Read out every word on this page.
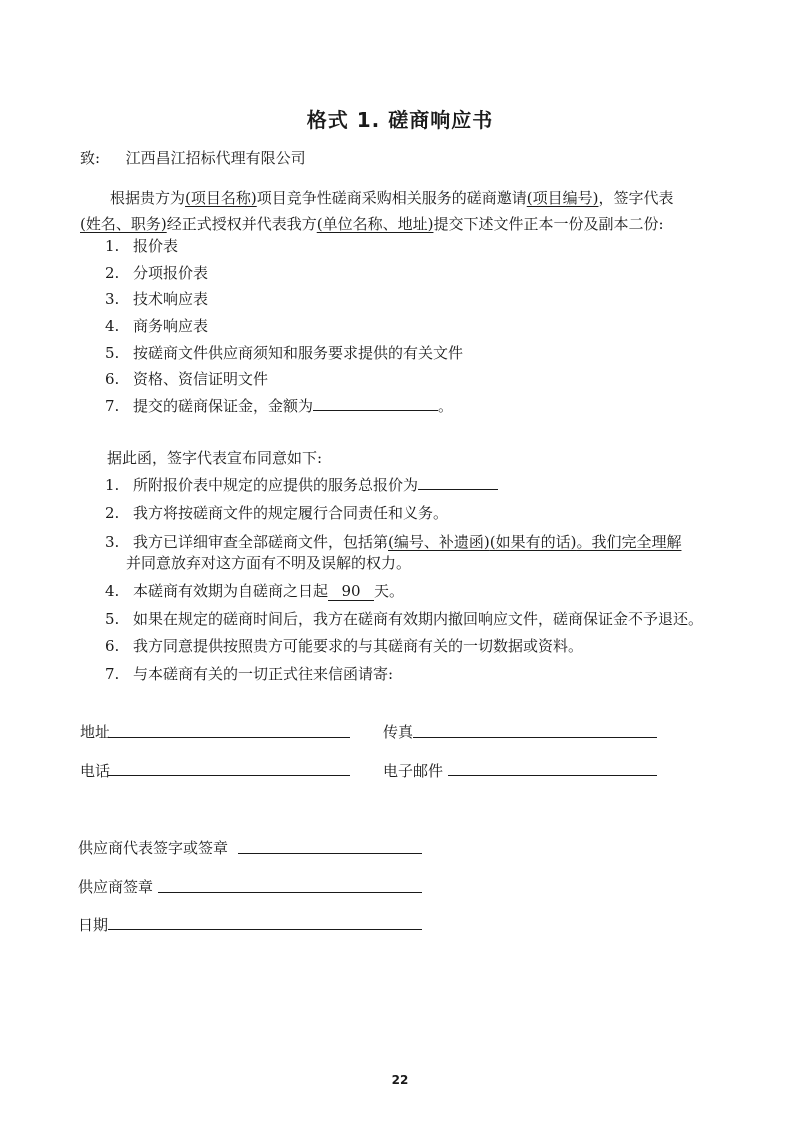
格式 1. 磋商响应书
致: 江西昌江招标代理有限公司
根据贵方为(项目名称)项目竞争性磋商采购相关服务的磋商邀请(项目编号)，签字代表
(姓名、职务)经正式授权并代表我方(单位名称、地址)提交下述文件正本一份及副本二份:
1. 报价表
2. 分项报价表
3. 技术响应表
4. 商务响应表
5. 按磋商文件供应商须知和服务要求提供的有关文件
6. 资格、资信证明文件
7. 提交的磋商保证金，金额为	。
据此函，签字代表宣布同意如下:
1. 所附报价表中规定的应提供的服务总报价为
2. 我方将按磋商文件的规定履行合同责任和义务。
3. 我方已详细审查全部磋商文件，包括第(编号、补遗函)(如果有的话)。我们完全理解
并同意放弃对这方面有不明及误解的权力。
4. 本磋商有效期为自磋商之日起 90 天。
5. 如果在规定的磋商时间后，我方在磋商有效期内撤回响应文件，磋商保证金不予退还。
6. 我方同意提供按照贵方可能要求的与其磋商有关的一切数据或资料。
7. 与本磋商有关的一切正式往来信函请寄:
地址	传真
电话	电子邮件
供应商代表签字或签章
供应商签章
日期
22
